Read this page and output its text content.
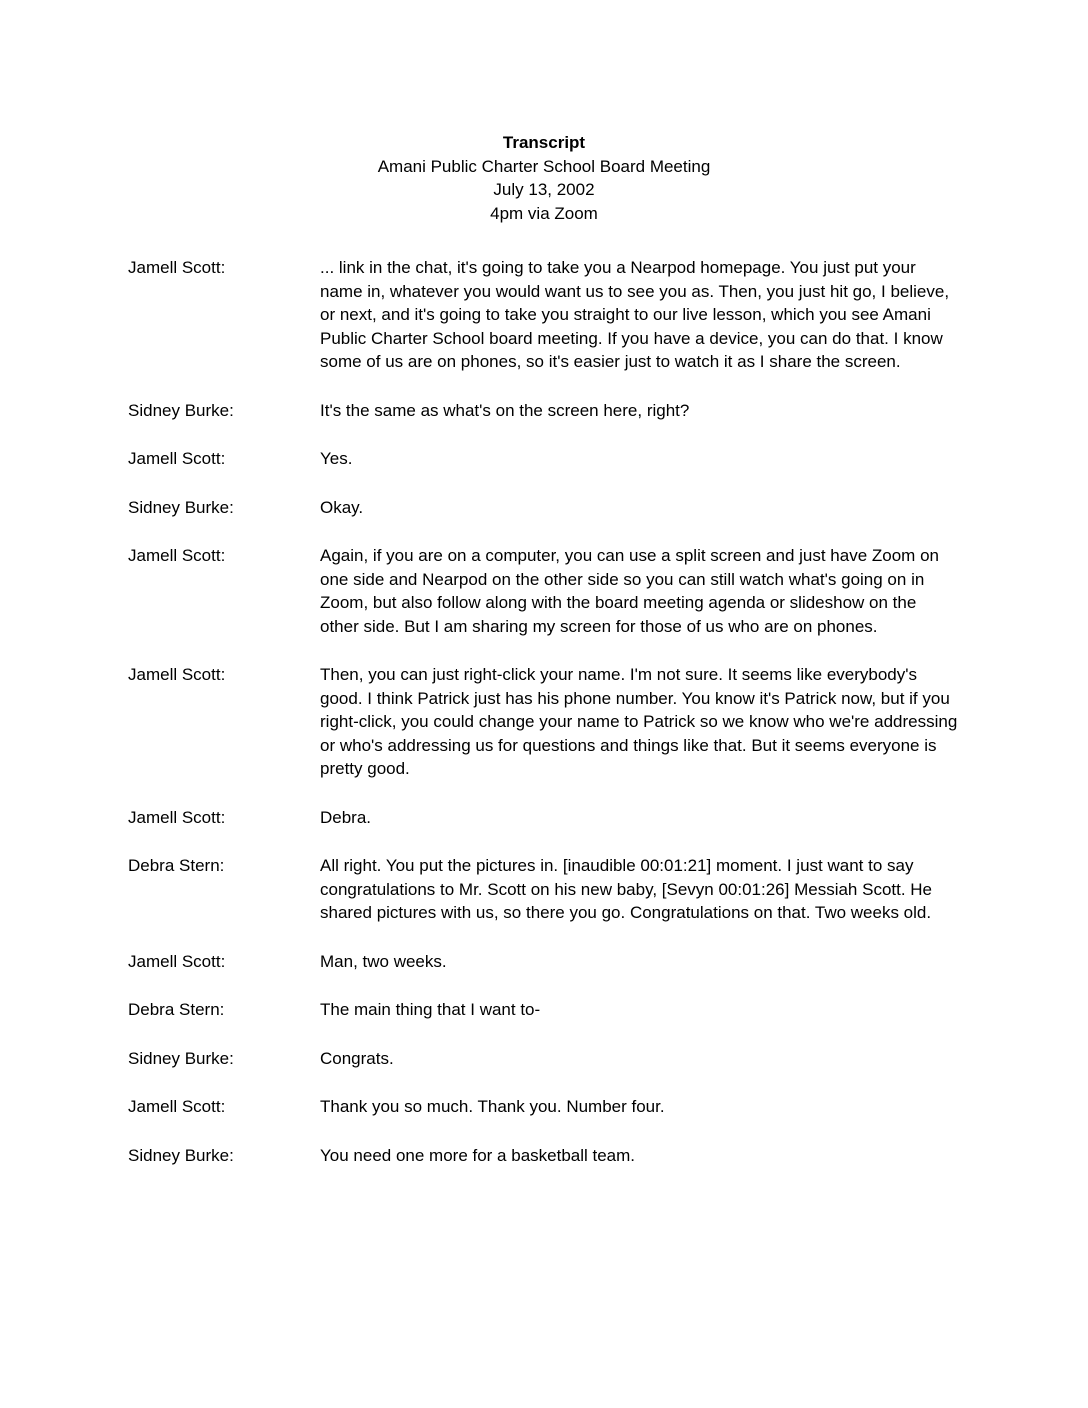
Transcript
Amani Public Charter School Board Meeting
July 13, 2002
4pm via Zoom
Jamell Scott:	... link in the chat, it's going to take you a Nearpod homepage. You just put your name in, whatever you would want us to see you as. Then, you just hit go, I believe, or next, and it's going to take you straight to our live lesson, which you see Amani Public Charter School board meeting. If you have a device, you can do that. I know some of us are on phones, so it's easier just to watch it as I share the screen.
Sidney Burke:	It's the same as what's on the screen here, right?
Jamell Scott:	Yes.
Sidney Burke:	Okay.
Jamell Scott:	Again, if you are on a computer, you can use a split screen and just have Zoom on one side and Nearpod on the other side so you can still watch what's going on in Zoom, but also follow along with the board meeting agenda or slideshow on the other side. But I am sharing my screen for those of us who are on phones.
Jamell Scott:	Then, you can just right-click your name. I'm not sure. It seems like everybody's good. I think Patrick just has his phone number. You know it's Patrick now, but if you right-click, you could change your name to Patrick so we know who we're addressing or who's addressing us for questions and things like that. But it seems everyone is pretty good.
Jamell Scott:	Debra.
Debra Stern:	All right. You put the pictures in. [inaudible 00:01:21] moment. I just want to say congratulations to Mr. Scott on his new baby, [Sevyn 00:01:26] Messiah Scott. He shared pictures with us, so there you go. Congratulations on that. Two weeks old.
Jamell Scott:	Man, two weeks.
Debra Stern:	The main thing that I want to-
Sidney Burke:	Congrats.
Jamell Scott:	Thank you so much. Thank you. Number four.
Sidney Burke:	You need one more for a basketball team.
